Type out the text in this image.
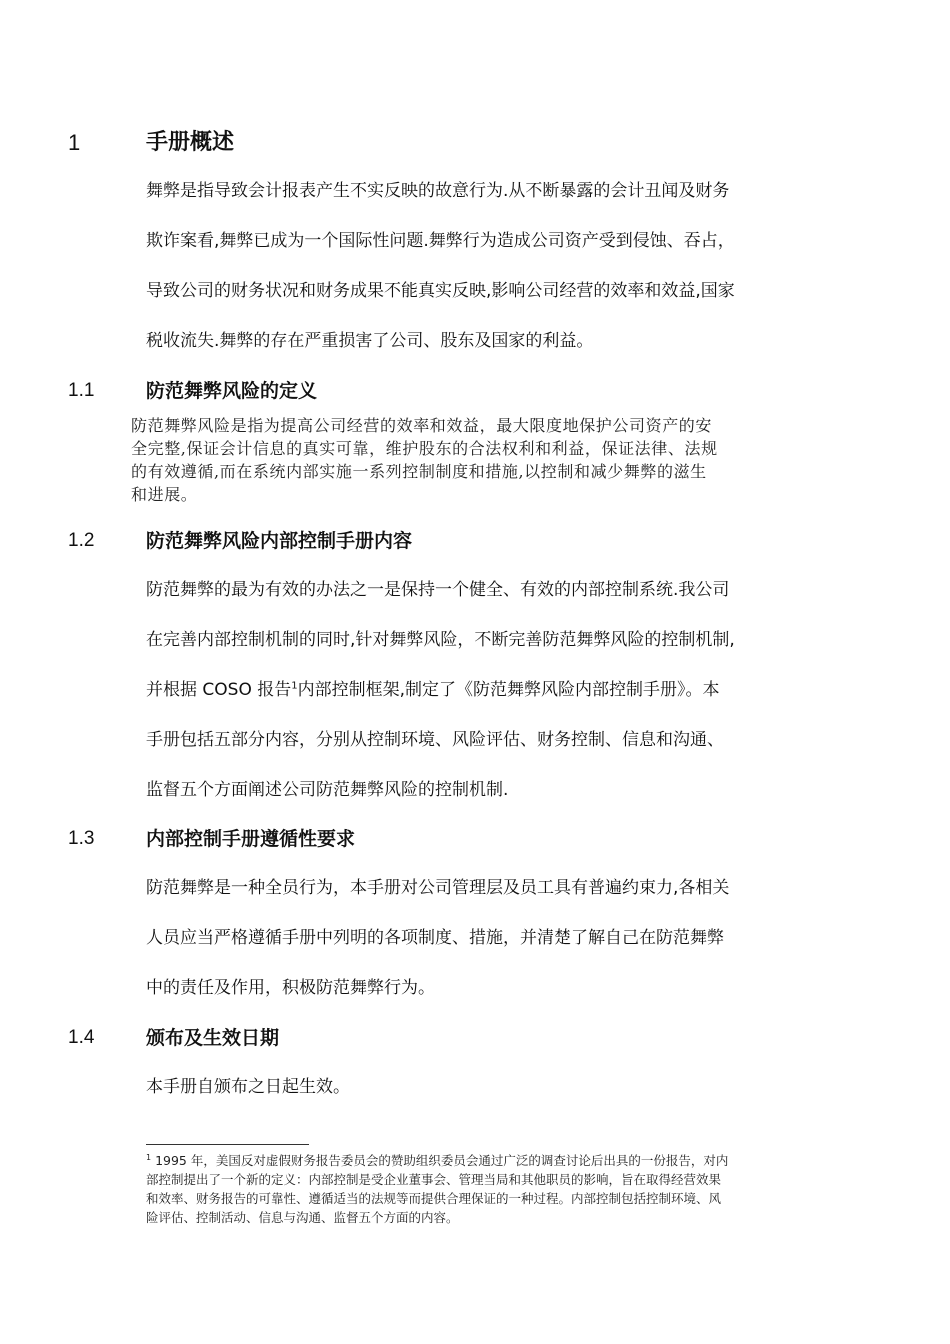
1	手册概述

舞弊是指导致会计报表产生不实反映的故意行为.从不断暴露的会计丑闻及财务
欺诈案看,舞弊已成为一个国际性问题.舞弊行为造成公司资产受到侵蚀、吞占，
导致公司的财务状况和财务成果不能真实反映,影响公司经营的效率和效益,国家
税收流失.舞弊的存在严重损害了公司、股东及国家的利益。

1.1	防范舞弊风险的定义

防范舞弊风险是指为提高公司经营的效率和效益，最大限度地保护公司资产的安
全完整,保证会计信息的真实可靠，维护股东的合法权利和利益，保证法律、法规
的有效遵循,而在系统内部实施一系列控制制度和措施,以控制和减少舞弊的滋生
和进展。

1.2	防范舞弊风险内部控制手册内容

防范舞弊的最为有效的办法之一是保持一个健全、有效的内部控制系统.我公司
在完善内部控制机制的同时,针对舞弊风险，不断完善防范舞弊风险的控制机制,
并根据 COSO 报告$^1$内部控制框架,制定了《防范舞弊风险内部控制手册》。本
手册包括五部分内容，分别从控制环境、风险评估、财务控制、信息和沟通、
监督五个方面阐述公司防范舞弊风险的控制机制.

1.3	内部控制手册遵循性要求

防范舞弊是一种全员行为，本手册对公司管理层及员工具有普遍约束力,各相关
人员应当严格遵循手册中列明的各项制度、措施，并清楚了解自己在防范舞弊
中的责任及作用，积极防范舞弊行为。

1.4	颁布及生效日期

本手册自颁布之日起生效。

$^1$ 1995 年，美国反对虚假财务报告委员会的赞助组织委员会通过广泛的调查讨论后出具的一份报告，对内
部控制提出了一个新的定义：内部控制是受企业董事会、管理当局和其他职员的影响，旨在取得经营效果
和效率、财务报告的可靠性、遵循适当的法规等而提供合理保证的一种过程。内部控制包括控制环境、风
险评估、控制活动、信息与沟通、监督五个方面的内容。
